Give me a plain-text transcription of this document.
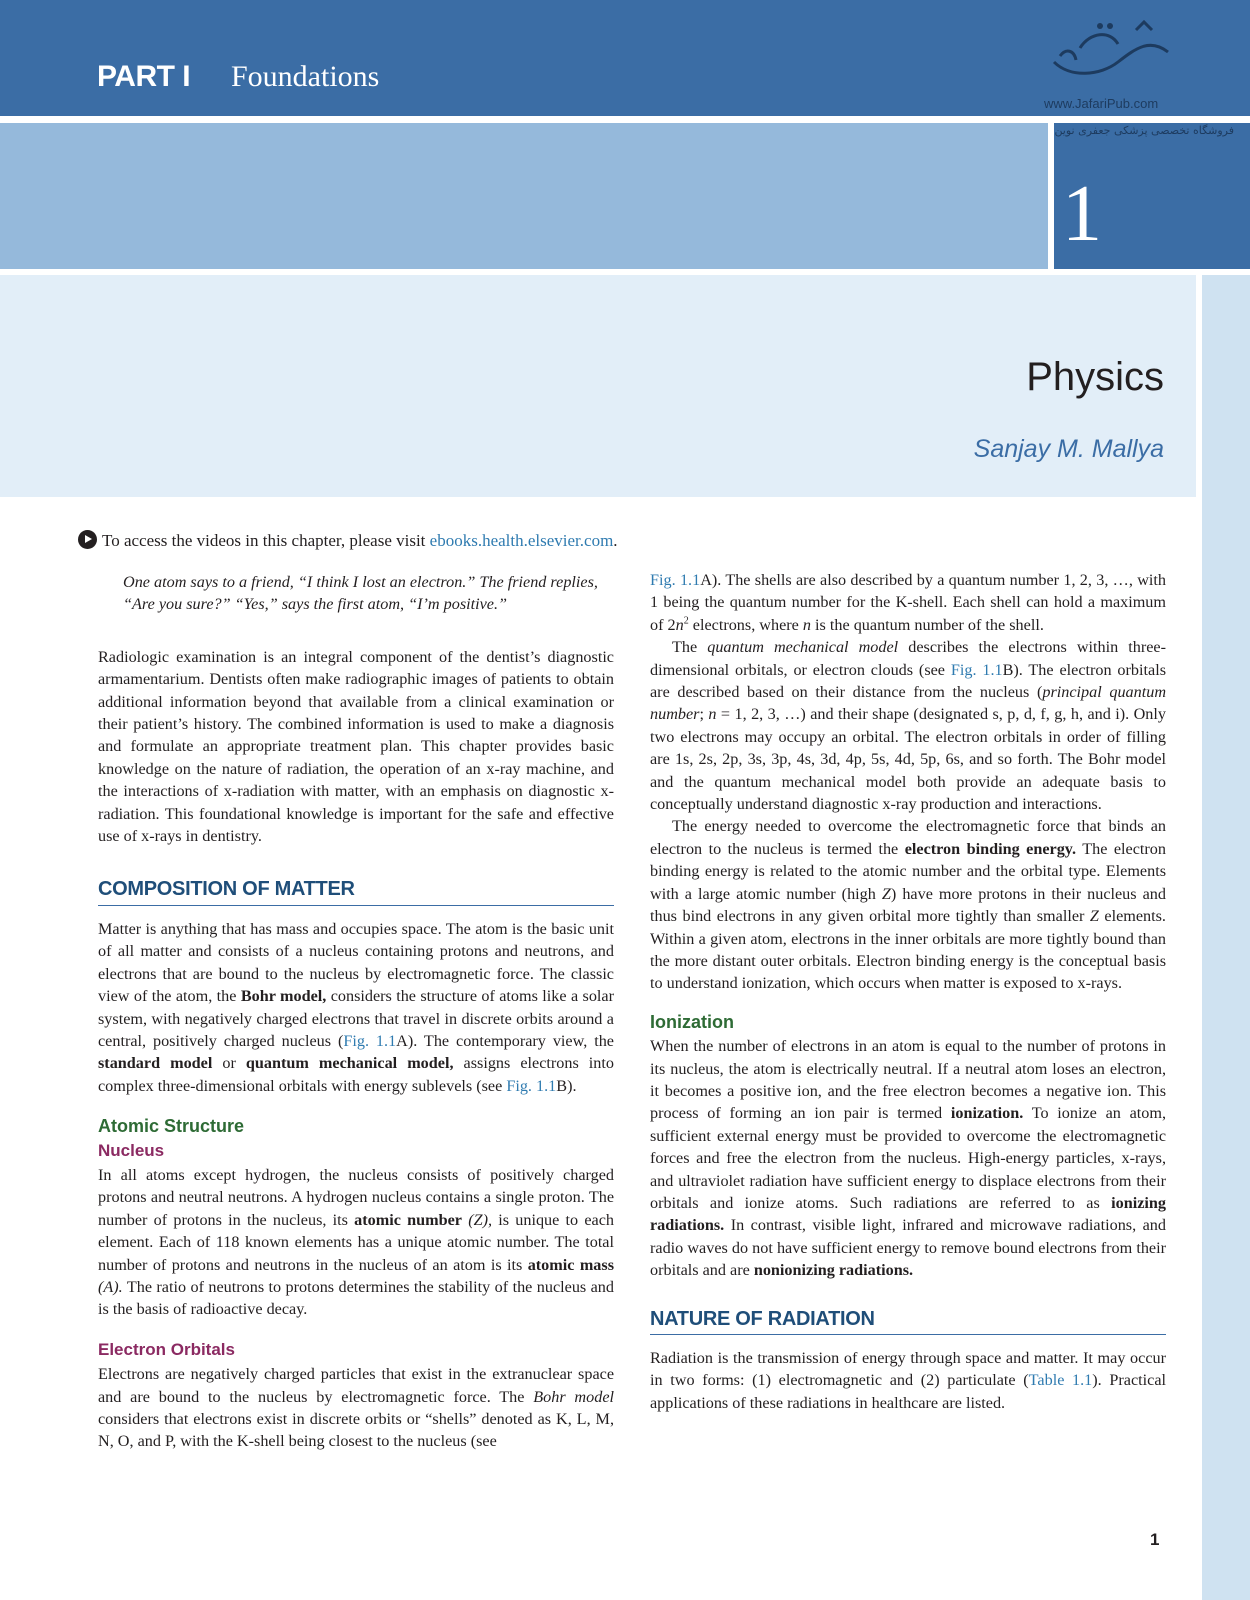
PART I Foundations
1
www.JafariPub.com
فروشگاه تخصصی پزشکی جعفری نوین
Physics
Sanjay M. Mallya
To access the videos in this chapter, please visit ebooks.health.elsevier.com.

One atom says to a friend, “I think I lost an electron.” The friend replies, “Are you sure?” “Yes,” says the first atom, “I’m positive.”

Radiologic examination is an integral component of the dentist’s diagnostic armamentarium. Dentists often make radiographic images of patients to obtain additional information beyond that available from a clinical examination or their patient’s history. The combined information is used to make a diagnosis and formulate an appropriate treatment plan. This chapter provides basic knowledge on the nature of radiation, the operation of an x-ray machine, and the interactions of x-radiation with matter, with an emphasis on diagnostic x-radiation. This foundational knowledge is important for the safe and effective use of x-rays in dentistry.

COMPOSITION OF MATTER

Matter is anything that has mass and occupies space. The atom is the basic unit of all matter and consists of a nucleus containing protons and neutrons, and electrons that are bound to the nucleus by electromagnetic force. The classic view of the atom, the Bohr model, considers the structure of atoms like a solar system, with negatively charged electrons that travel in discrete orbits around a central, positively charged nucleus (Fig. 1.1A). The contemporary view, the standard model or quantum mechanical model, assigns electrons into complex three-dimensional orbitals with energy sublevels (see Fig. 1.1B).

Atomic Structure
Nucleus

In all atoms except hydrogen, the nucleus consists of positively charged protons and neutral neutrons. A hydrogen nucleus contains a single proton. The number of protons in the nucleus, its atomic number (Z), is unique to each element. Each of 118 known elements has a unique atomic number. The total number of protons and neutrons in the nucleus of an atom is its atomic mass (A). The ratio of neutrons to protons determines the stability of the nucleus and is the basis of radioactive decay.

Electron Orbitals

Electrons are negatively charged particles that exist in the extranuclear space and are bound to the nucleus by electromagnetic force. The Bohr model considers that electrons exist in discrete orbits or “shells” denoted as K, L, M, N, O, and P, with the K-shell being closest to the nucleus (see

Fig. 1.1A). The shells are also described by a quantum number 1, 2, 3, …, with 1 being the quantum number for the K-shell. Each shell can hold a maximum of $2n^2$ electrons, where n is the quantum number of the shell.

The quantum mechanical model describes the electrons within three-dimensional orbitals, or electron clouds (see Fig. 1.1B). The electron orbitals are described based on their distance from the nucleus (principal quantum number; n = 1, 2, 3, …) and their shape (designated s, p, d, f, g, h, and i). Only two electrons may occupy an orbital. The electron orbitals in order of filling are 1s, 2s, 2p, 3s, 3p, 4s, 3d, 4p, 5s, 4d, 5p, 6s, and so forth. The Bohr model and the quantum mechanical model both provide an adequate basis to conceptually understand diagnostic x-ray production and interactions.

The energy needed to overcome the electromagnetic force that binds an electron to the nucleus is termed the electron binding energy. The electron binding energy is related to the atomic number and the orbital type. Elements with a large atomic number (high Z) have more protons in their nucleus and thus bind electrons in any given orbital more tightly than smaller Z elements. Within a given atom, electrons in the inner orbitals are more tightly bound than the more distant outer orbitals. Electron binding energy is the conceptual basis to understand ionization, which occurs when matter is exposed to x-rays.

Ionization

When the number of electrons in an atom is equal to the number of protons in its nucleus, the atom is electrically neutral. If a neutral atom loses an electron, it becomes a positive ion, and the free electron becomes a negative ion. This process of forming an ion pair is termed ionization. To ionize an atom, sufficient external energy must be provided to overcome the electromagnetic forces and free the electron from the nucleus. High-energy particles, x-rays, and ultraviolet radiation have sufficient energy to displace electrons from their orbitals and ionize atoms. Such radiations are referred to as ionizing radiations. In contrast, visible light, infrared and microwave radiations, and radio waves do not have sufficient energy to remove bound electrons from their orbitals and are nonionizing radiations.

NATURE OF RADIATION

Radiation is the transmission of energy through space and matter. It may occur in two forms: (1) electromagnetic and (2) particulate (Table 1.1). Practical applications of these radiations in healthcare are listed.

1
